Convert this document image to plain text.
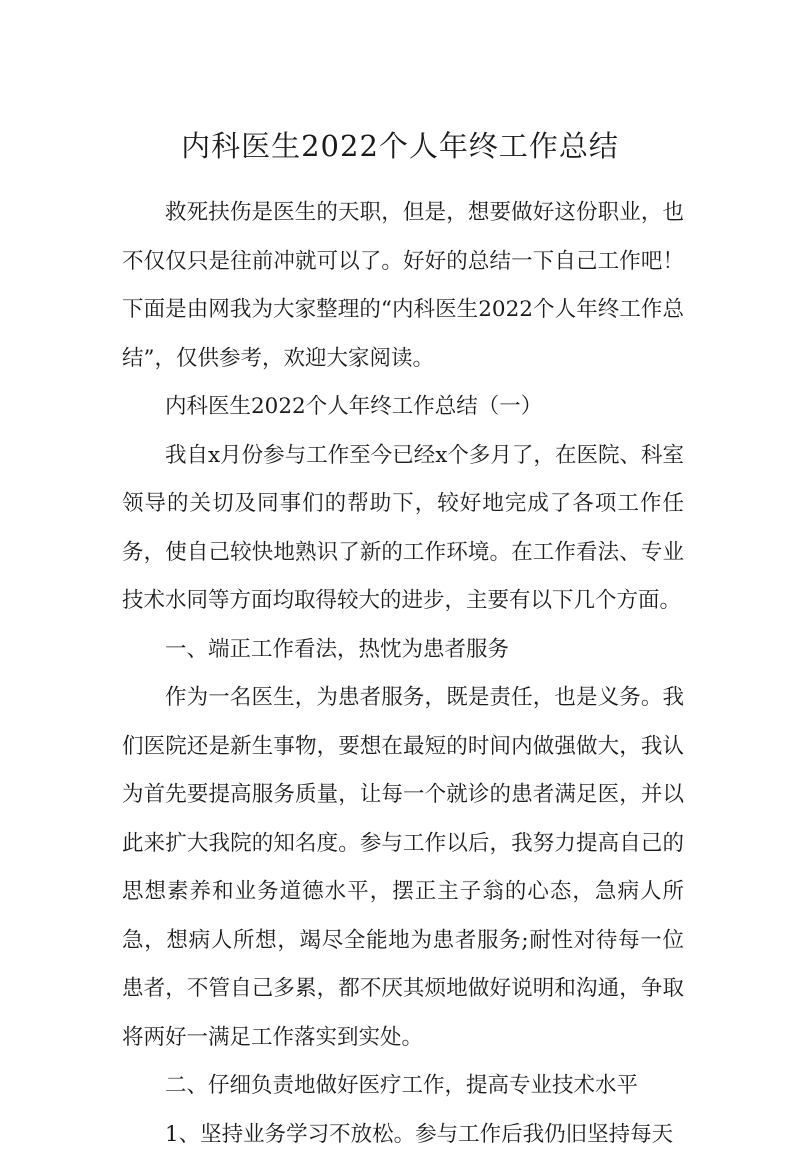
内科医生2022个人年终工作总结

救死扶伤是医生的天职，但是，想要做好这份职业，也不仅仅只是往前冲就可以了。好好的总结一下自己工作吧！下面是由网我为大家整理的“内科医生2022个人年终工作总结”，仅供参考，欢迎大家阅读。

内科医生2022个人年终工作总结（一）

我自x月份参与工作至今已经x个多月了，在医院、科室领导的关切及同事们的帮助下，较好地完成了各项工作任务，使自己较快地熟识了新的工作环境。在工作看法、专业技术水同等方面均取得较大的进步，主要有以下几个方面。

一、端正工作看法，热忱为患者服务

作为一名医生，为患者服务，既是责任，也是义务。我们医院还是新生事物，要想在最短的时间内做强做大，我认为首先要提高服务质量，让每一个就诊的患者满足医，并以此来扩大我院的知名度。参与工作以后，我努力提高自己的思想素养和业务道德水平，摆正主子翁的心态，急病人所急，想病人所想，竭尽全能地为患者服务;耐性对待每一位患者，不管自己多累，都不厌其烦地做好说明和沟通，争取将两好一满足工作落实到实处。

二、仔细负责地做好医疗工作，提高专业技术水平

1、坚持业务学习不放松。参与工作后我仍旧坚持每天
